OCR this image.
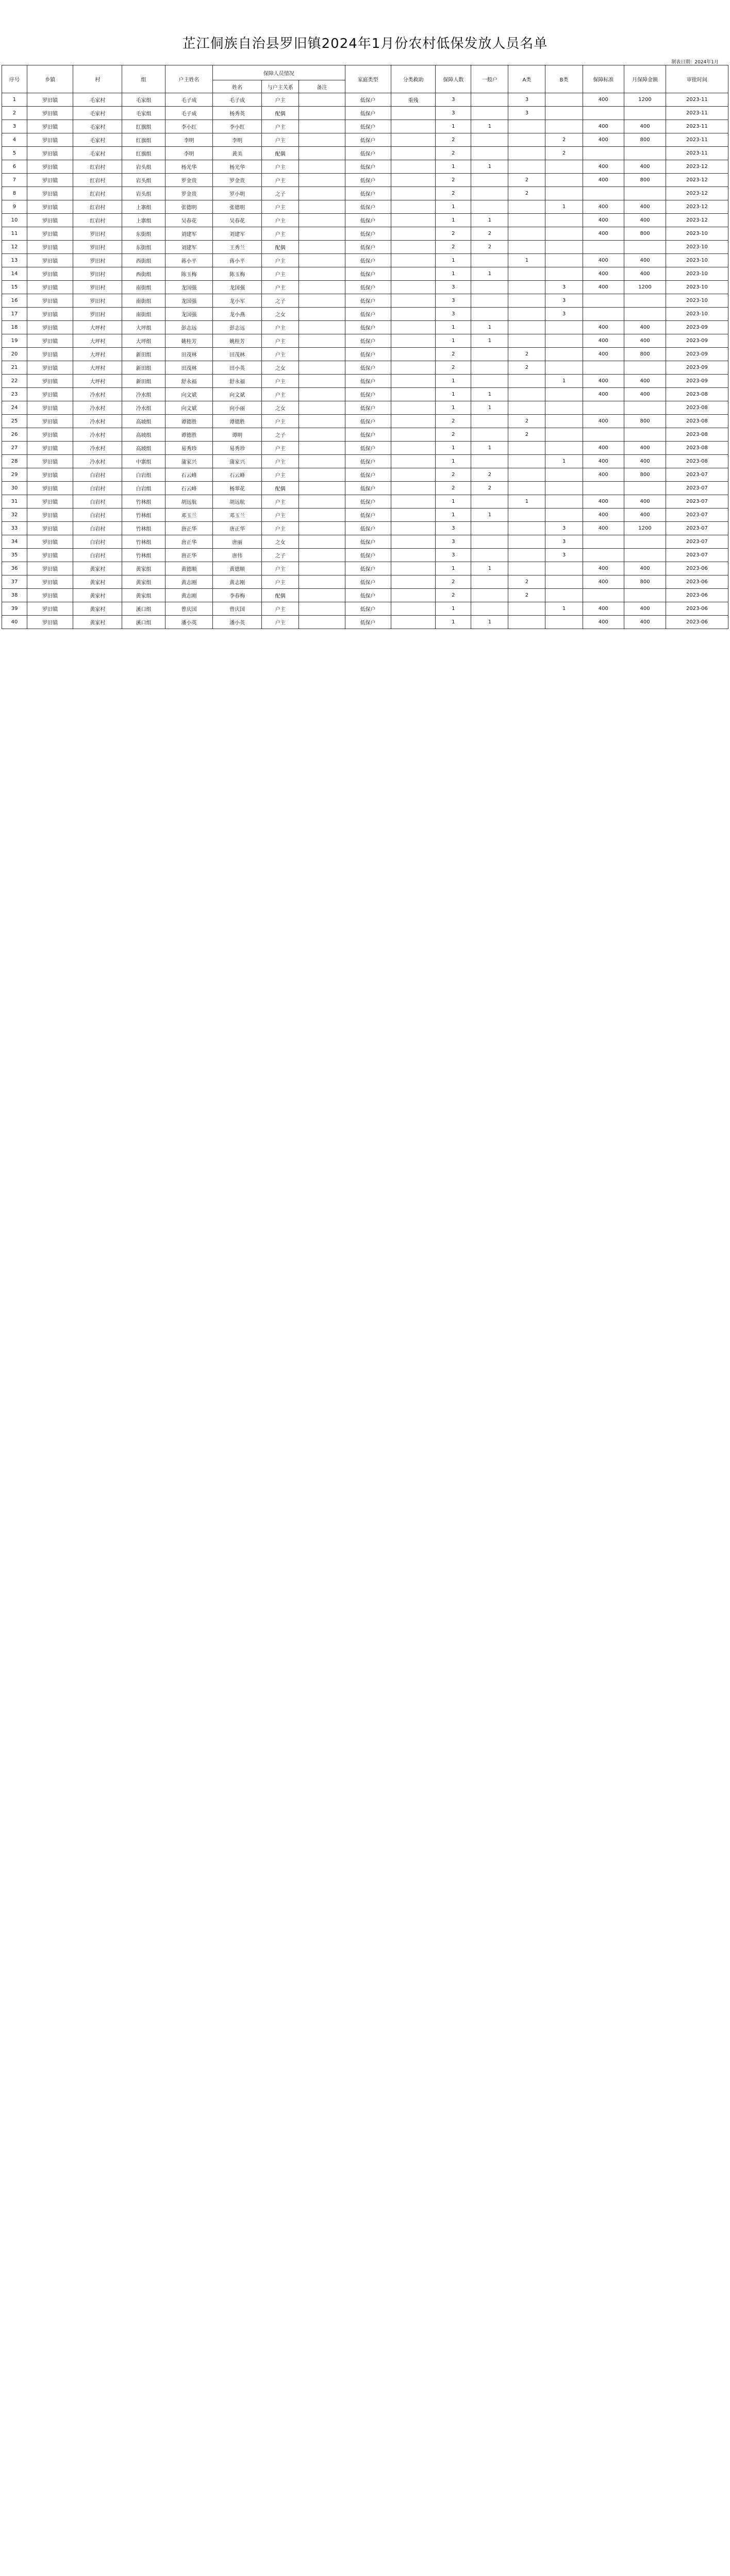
芷江侗族自治县罗旧镇2024年1月份农村低保发放人员名单
制表日期：2024年1月
序号	乡镇	村	组	户主姓名	保障人员情况			家庭类型	分类救助	保障人数	一般户	A类	B类	保障标准	月保障金额	审批时间
					姓名	与户主关系	备注									
1	罗旧镇	毛家村	毛家组	毛子成	毛子成	户主		低保户	重残	3		3		400	1200	2023-11
2	罗旧镇	毛家村	毛家组	毛子成	杨秀英	配偶		低保户		3		3				2023-11
3	罗旧镇	毛家村	红旗组	李小红	李小红	户主		低保户		1	1			400	400	2023-11
4	罗旧镇	毛家村	红旗组	李明	李明	户主		低保户		2			2	400	800	2023-11
5	罗旧镇	毛家村	红旗组	李明	黄美	配偶		低保户		2			2			2023-11
6	罗旧镇	红岩村	岩头组	杨光华	杨光华	户主		低保户		1	1			400	400	2023-12
7	罗旧镇	红岩村	岩头组	罗金贵	罗金贵	户主		低保户		2		2		400	800	2023-12
8	罗旧镇	红岩村	岩头组	罗金贵	罗小明	之子		低保户		2		2				2023-12
9	罗旧镇	红岩村	上寨组	张德明	张德明	户主		低保户		1			1	400	400	2023-12
10	罗旧镇	红岩村	上寨组	吴春花	吴春花	户主		低保户		1	1			400	400	2023-12
11	罗旧镇	罗旧村	东街组	刘建军	刘建军	户主		低保户		2	2			400	800	2023-10
12	罗旧镇	罗旧村	东街组	刘建军	王秀兰	配偶		低保户		2	2					2023-10
13	罗旧镇	罗旧村	西街组	蒋小平	蒋小平	户主		低保户		1		1		400	400	2023-10
14	罗旧镇	罗旧村	西街组	陈玉梅	陈玉梅	户主		低保户		1	1			400	400	2023-10
15	罗旧镇	罗旧村	南街组	龙国强	龙国强	户主		低保户		3			3	400	1200	2023-10
16	罗旧镇	罗旧村	南街组	龙国强	龙小军	之子		低保户		3			3			2023-10
17	罗旧镇	罗旧村	南街组	龙国强	龙小燕	之女		低保户		3			3			2023-10
18	罗旧镇	大坪村	大坪组	彭志远	彭志远	户主		低保户		1	1			400	400	2023-09
19	罗旧镇	大坪村	大坪组	姚桂芳	姚桂芳	户主		低保户		1	1			400	400	2023-09
20	罗旧镇	大坪村	新田组	田茂林	田茂林	户主		低保户		2		2		400	800	2023-09
21	罗旧镇	大坪村	新田组	田茂林	田小英	之女		低保户		2		2				2023-09
22	罗旧镇	大坪村	新田组	舒永福	舒永福	户主		低保户		1			1	400	400	2023-09
23	罗旧镇	冷水村	冷水组	向文斌	向文斌	户主		低保户		1	1			400	400	2023-08
24	罗旧镇	冷水村	冷水组	向文斌	向小丽	之女		低保户		1	1					2023-08
25	罗旧镇	冷水村	高坡组	谭德胜	谭德胜	户主		低保户		2		2		400	800	2023-08
26	罗旧镇	冷水村	高坡组	谭德胜	谭明	之子		低保户		2		2				2023-08
27	罗旧镇	冷水村	高坡组	易秀珍	易秀珍	户主		低保户		1	1			400	400	2023-08
28	罗旧镇	冷水村	中寨组	蒲家兴	蒲家兴	户主		低保户		1			1	400	400	2023-08
29	罗旧镇	白岩村	白岩组	石云峰	石云峰	户主		低保户		2	2			400	800	2023-07
30	罗旧镇	白岩村	白岩组	石云峰	杨翠花	配偶		低保户		2	2					2023-07
31	罗旧镇	白岩村	竹林组	胡远航	胡远航	户主		低保户		1		1		400	400	2023-07
32	罗旧镇	白岩村	竹林组	邓玉兰	邓玉兰	户主		低保户		1	1			400	400	2023-07
33	罗旧镇	白岩村	竹林组	唐正华	唐正华	户主		低保户		3			3	400	1200	2023-07
34	罗旧镇	白岩村	竹林组	唐正华	唐丽	之女		低保户		3			3			2023-07
35	罗旧镇	白岩村	竹林组	唐正华	唐伟	之子		低保户		3			3			2023-07
36	罗旧镇	黄家村	黄家组	黄德顺	黄德顺	户主		低保户		1	1			400	400	2023-06
37	罗旧镇	黄家村	黄家组	黄志刚	黄志刚	户主		低保户		2		2		400	800	2023-06
38	罗旧镇	黄家村	黄家组	黄志刚	李春梅	配偶		低保户		2		2				2023-06
39	罗旧镇	黄家村	溪口组	曾庆国	曾庆国	户主		低保户		1			1	400	400	2023-06
40	罗旧镇	黄家村	溪口组	潘小英	潘小英	户主		低保户		1	1			400	400	2023-06
